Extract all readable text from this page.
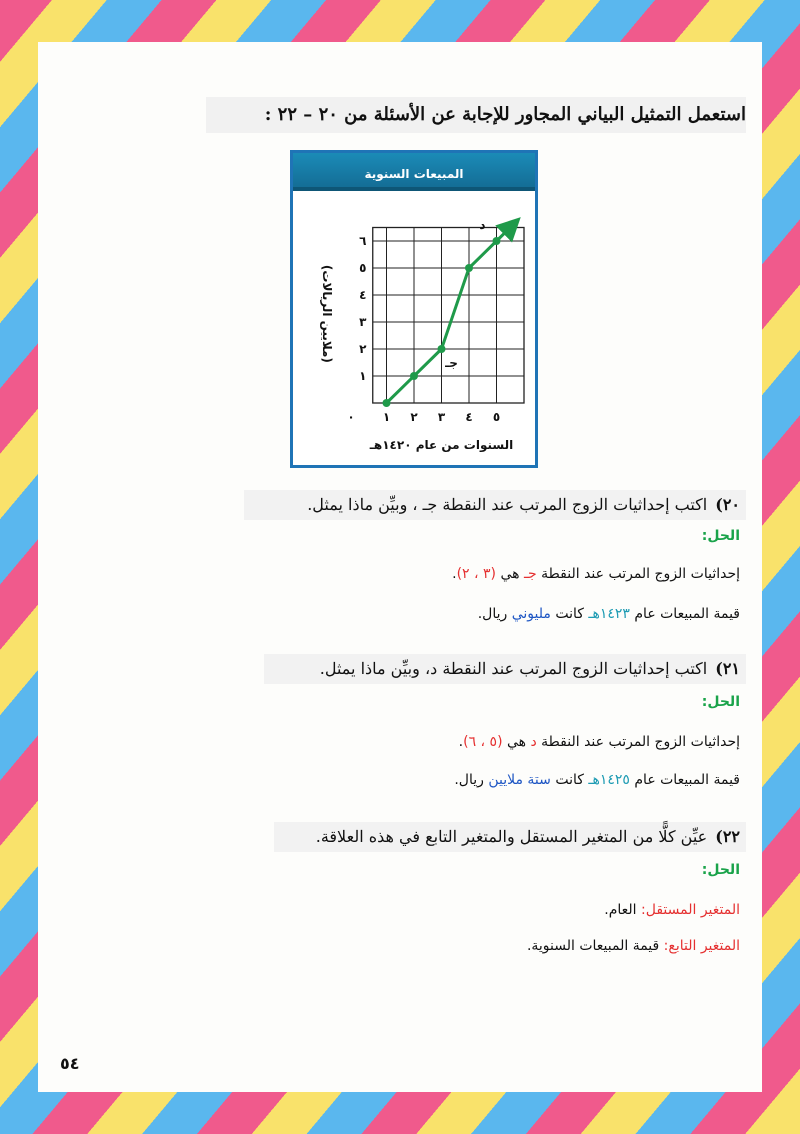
استعمل التمثيل البياني المجاور للإجابة عن الأسئلة من ٢٠ – ٢٢ :
المبيعات السنوية
٠ ١ ٢ ٣ ٤ ٥
١
٢
٣
٤
٥
٦
السنوات من عام ١٤٢٠هـ
(ملايين الريالات)
جـ
د
٢٠)اكتب إحداثيات الزوج المرتب عند النقطة جـ ، وبيِّن ماذا يمثل.
الحل:
إحداثيات الزوج المرتب عند النقطة جـ هي (٣ ، ٢).
قيمة المبيعات عام ١٤٢٣هـ كانت مليوني ريال.
٢١)اكتب إحداثيات الزوج المرتب عند النقطة د، وبيِّن ماذا يمثل.
الحل:
إحداثيات الزوج المرتب عند النقطة د هي (٥ ، ٦).
قيمة المبيعات عام ١٤٢٥هـ كانت ستة ملايين ريال.
٢٢)عيِّن كلًّا من المتغير المستقل والمتغير التابع في هذه العلاقة.
الحل:
المتغير المستقل: العام.
المتغير التابع: قيمة المبيعات السنوية.
٥٤
